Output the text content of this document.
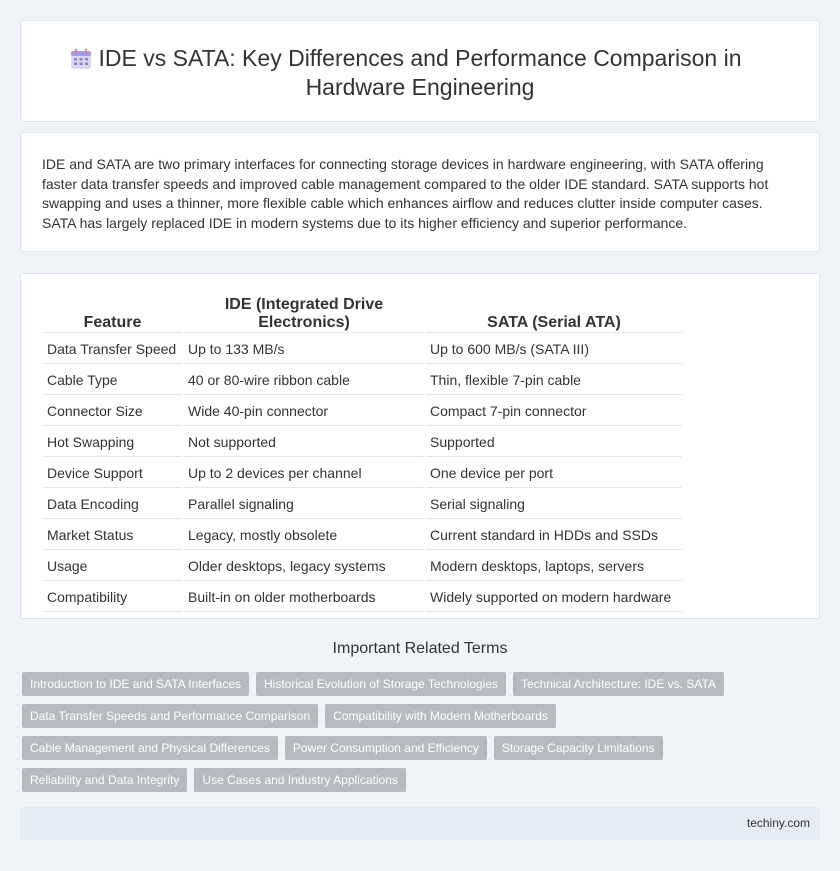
IDE vs SATA: Key Differences and Performance Comparison in
Hardware Engineering

IDE and SATA are two primary interfaces for connecting storage devices in hardware engineering, with SATA offering faster data transfer speeds and improved cable management compared to the older IDE standard. SATA supports hot swapping and uses a thinner, more flexible cable which enhances airflow and reduces clutter inside computer cases. SATA has largely replaced IDE in modern systems due to its higher efficiency and superior performance.

Feature	IDE (Integrated Drive Electronics)	SATA (Serial ATA)
Data Transfer Speed	Up to 133 MB/s	Up to 600 MB/s (SATA III)
Cable Type	40 or 80-wire ribbon cable	Thin, flexible 7-pin cable
Connector Size	Wide 40-pin connector	Compact 7-pin connector
Hot Swapping	Not supported	Supported
Device Support	Up to 2 devices per channel	One device per port
Data Encoding	Parallel signaling	Serial signaling
Market Status	Legacy, mostly obsolete	Current standard in HDDs and SSDs
Usage	Older desktops, legacy systems	Modern desktops, laptops, servers
Compatibility	Built-in on older motherboards	Widely supported on modern hardware
Important Related Terms
Introduction to IDE and SATA Interfaces	Historical Evolution of Storage Technologies	Technical Architecture: IDE vs. SATA
Data Transfer Speeds and Performance Comparison	Compatibility with Modern Motherboards
Cable Management and Physical Differences	Power Consumption and Efficiency	Storage Capacity Limitations
Reliability and Data Integrity	Use Cases and Industry Applications
techiny.com
